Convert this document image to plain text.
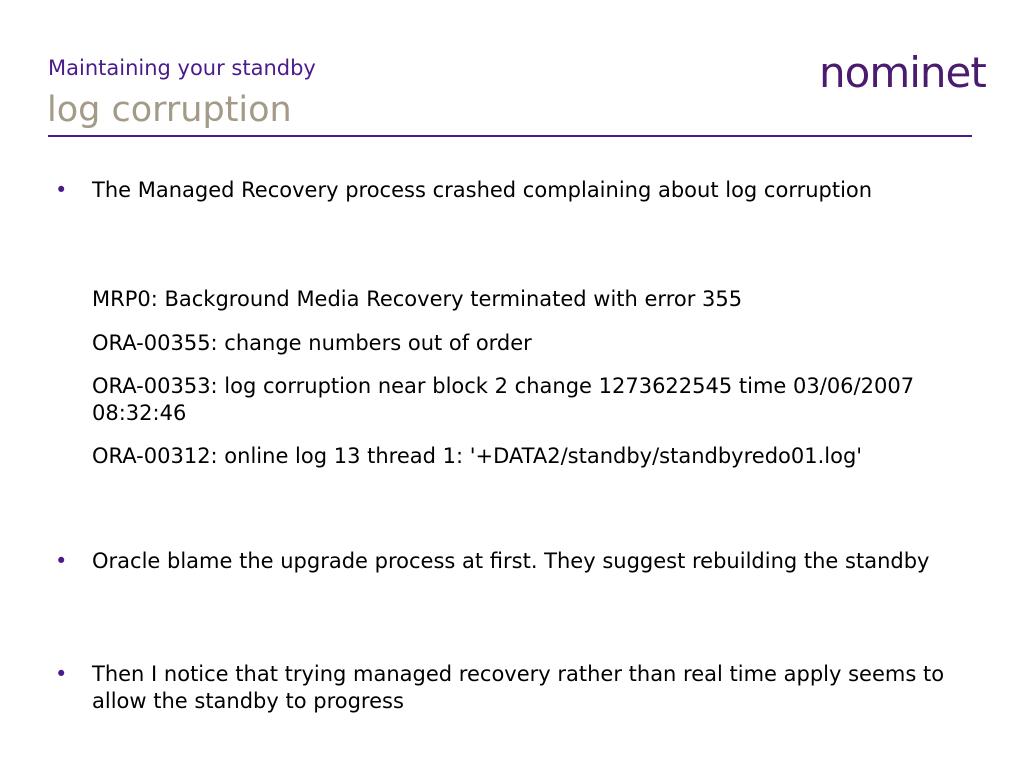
Maintaining your standby
log corruption
nominet
• The Managed Recovery process crashed complaining about log corruption
MRP0: Background Media Recovery terminated with error 355
ORA-00355: change numbers out of order
ORA-00353: log corruption near block 2 change 1273622545 time 03/06/2007 08:32:46
ORA-00312: online log 13 thread 1: '+DATA2/standby/standbyredo01.log'
• Oracle blame the upgrade process at first. They suggest rebuilding the standby
• Then I notice that trying managed recovery rather than real time apply seems to allow the standby to progress
